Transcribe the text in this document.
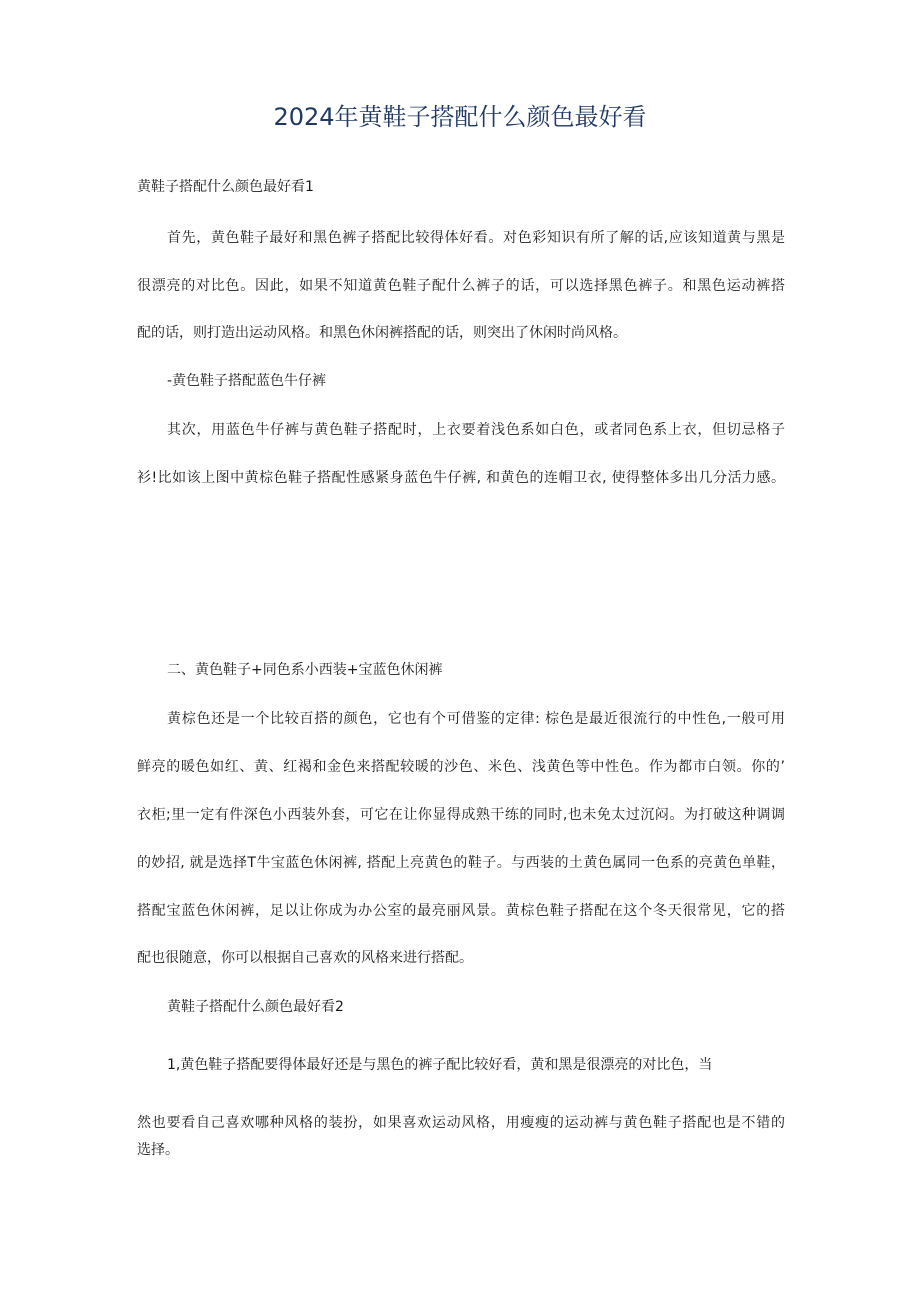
2024年黄鞋子搭配什么颜色最好看
黄鞋子搭配什么颜色最好看1
首先，黄色鞋子最好和黑色裤子搭配比较得体好看。对色彩知识有所了解的话,应该知道黄与黑是
很漂亮的对比色。因此，如果不知道黄色鞋子配什么裤子的话，可以选择黑色裤子。和黑色运动裤搭
配的话，则打造出运动风格。和黑色休闲裤搭配的话，则突出了休闲时尚风格。
-黄色鞋子搭配蓝色牛仔裤
其次，用蓝色牛仔裤与黄色鞋子搭配时，上衣要着浅色系如白色，或者同色系上衣，但切忌格子
衫!比如该上图中黄棕色鞋子搭配性感紧身蓝色牛仔裤, 和黄色的连帽卫衣, 使得整体多出几分活力感。
二、黄色鞋子+同色系小西装+宝蓝色休闲裤
黄棕色还是一个比较百搭的颜色，它也有个可借鉴的定律: 棕色是最近很流行的中性色,一般可用
鲜亮的暖色如红、黄、红褐和金色来搭配较暖的沙色、米色、浅黄色等中性色。作为都市白领。你的’
衣柜;里一定有件深色小西装外套，可它在让你显得成熟干练的同时,也未免太过沉闷。为打破这种调调
的妙招, 就是选择T牛宝蓝色休闲裤, 搭配上亮黄色的鞋子。与西装的土黄色属同一色系的亮黄色单鞋，
搭配宝蓝色休闲裤，足以让你成为办公室的最亮丽风景。黄棕色鞋子搭配在这个冬天很常见，它的搭
配也很随意，你可以根据自己喜欢的风格来进行搭配。
黄鞋子搭配什么颜色最好看2
1,黄色鞋子搭配要得体最好还是与黑色的裤子配比较好看，黄和黑是很漂亮的对比色，当
然也要看自己喜欢哪种风格的装扮，如果喜欢运动风格，用瘦瘦的运动裤与黄色鞋子搭配也是不错的
选择。
